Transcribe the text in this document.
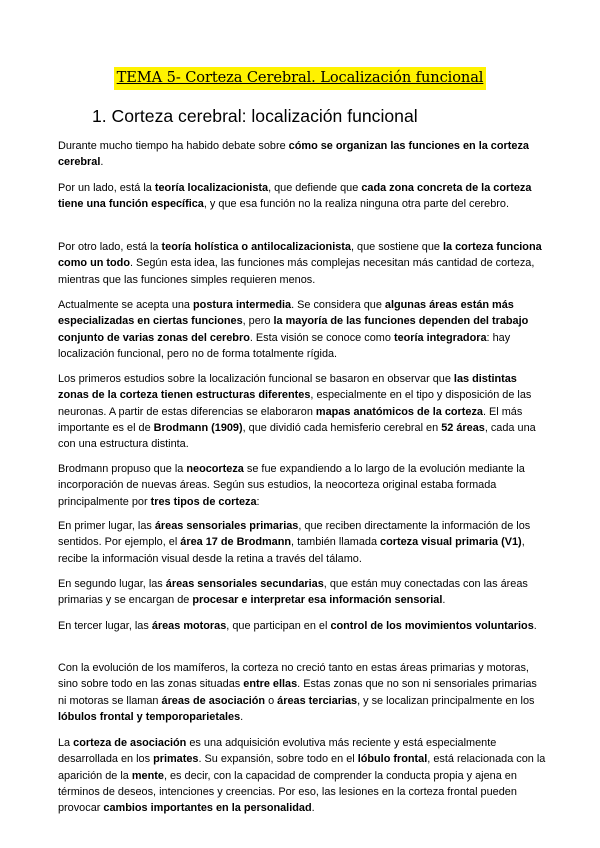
TEMA 5- Corteza Cerebral. Localización funcional
1. Corteza cerebral: localización funcional

Durante mucho tiempo ha habido debate sobre cómo se organizan las funciones en la corteza cerebral.

Por un lado, está la teoría localizacionista, que defiende que cada zona concreta de la corteza tiene una función específica, y que esa función no la realiza ninguna otra parte del cerebro.

Por otro lado, está la teoría holística o antilocalizacionista, que sostiene que la corteza funciona como un todo. Según esta idea, las funciones más complejas necesitan más cantidad de corteza, mientras que las funciones simples requieren menos.

Actualmente se acepta una postura intermedia. Se considera que algunas áreas están más especializadas en ciertas funciones, pero la mayoría de las funciones dependen del trabajo conjunto de varias zonas del cerebro. Esta visión se conoce como teoría integradora: hay localización funcional, pero no de forma totalmente rígida.

Los primeros estudios sobre la localización funcional se basaron en observar que las distintas zonas de la corteza tienen estructuras diferentes, especialmente en el tipo y disposición de las neuronas. A partir de estas diferencias se elaboraron mapas anatómicos de la corteza. El más importante es el de Brodmann (1909), que dividió cada hemisferio cerebral en 52 áreas, cada una con una estructura distinta.

Brodmann propuso que la neocorteza se fue expandiendo a lo largo de la evolución mediante la incorporación de nuevas áreas. Según sus estudios, la neocorteza original estaba formada principalmente por tres tipos de corteza:

En primer lugar, las áreas sensoriales primarias, que reciben directamente la información de los sentidos. Por ejemplo, el área 17 de Brodmann, también llamada corteza visual primaria (V1), recibe la información visual desde la retina a través del tálamo.

En segundo lugar, las áreas sensoriales secundarias, que están muy conectadas con las áreas primarias y se encargan de procesar e interpretar esa información sensorial.

En tercer lugar, las áreas motoras, que participan en el control de los movimientos voluntarios.

Con la evolución de los mamíferos, la corteza no creció tanto en estas áreas primarias y motoras, sino sobre todo en las zonas situadas entre ellas. Estas zonas que no son ni sensoriales primarias ni motoras se llaman áreas de asociación o áreas terciarias, y se localizan principalmente en los lóbulos frontal y temporoparietales.

La corteza de asociación es una adquisición evolutiva más reciente y está especialmente desarrollada en los primates. Su expansión, sobre todo en el lóbulo frontal, está relacionada con la aparición de la mente, es decir, con la capacidad de comprender la conducta propia y ajena en términos de deseos, intenciones y creencias. Por eso, las lesiones en la corteza frontal pueden provocar cambios importantes en la personalidad.
